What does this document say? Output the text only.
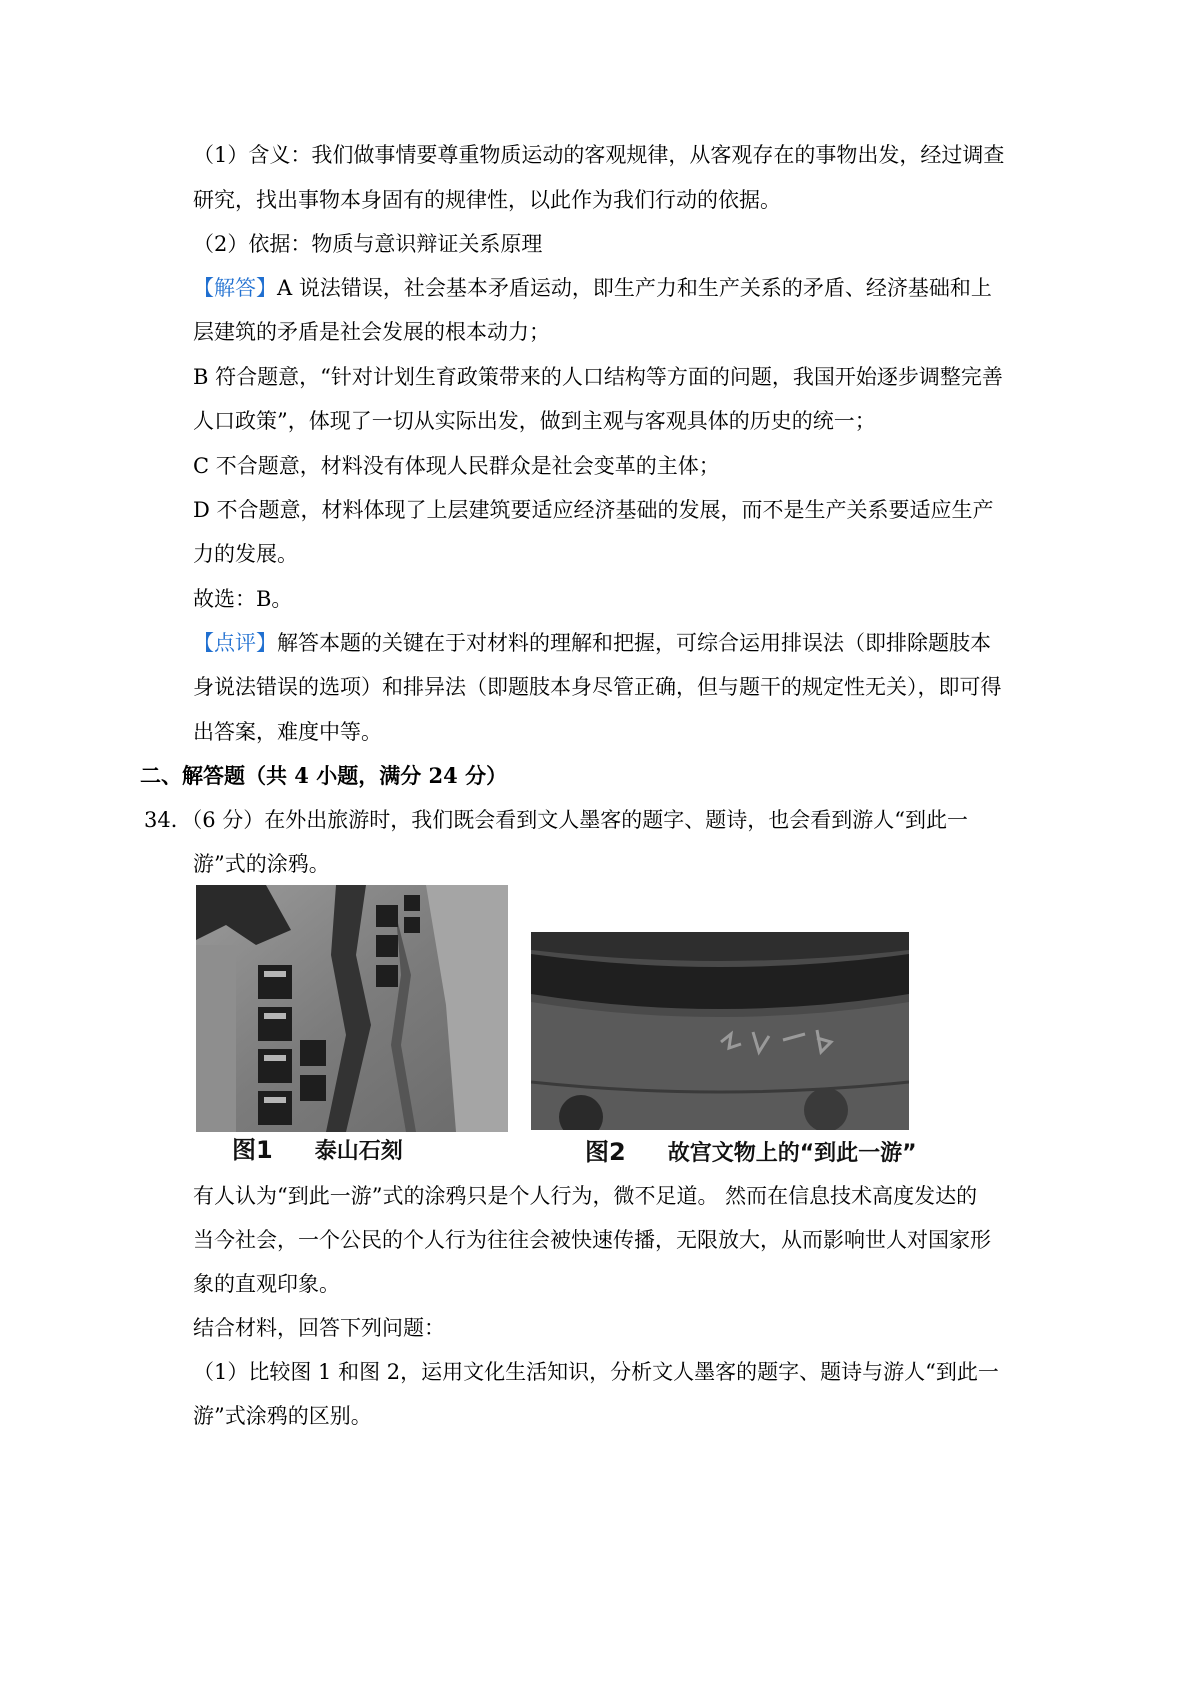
（1）含义：我们做事情要尊重物质运动的客观规律，从客观存在的事物出发，经过调查
研究，找出事物本身固有的规律性，以此作为我们行动的依据。
（2）依据：物质与意识辩证关系原理
【解答】A 说法错误，社会基本矛盾运动，即生产力和生产关系的矛盾、经济基础和上
层建筑的矛盾是社会发展的根本动力；
B 符合题意，“针对计划生育政策带来的人口结构等方面的问题，我国开始逐步调整完善
人口政策”，体现了一切从实际出发，做到主观与客观具体的历史的统一；
C 不合题意，材料没有体现人民群众是社会变革的主体；
D 不合题意，材料体现了上层建筑要适应经济基础的发展，而不是生产关系要适应生产
力的发展。
故选：B。
【点评】解答本题的关键在于对材料的理解和把握，可综合运用排误法（即排除题肢本
身说法错误的选项）和排异法（即题肢本身尽管正确，但与题干的规定性无关），即可得
出答案，难度中等。
二、解答题（共 4 小题，满分 24 分）
34．（6 分）在外出旅游时，我们既会看到文人墨客的题字、题诗，也会看到游人“到此一
游”式的涂鸦。
图1 泰山石刻	图2 故宫文物上的“到此一游”
有人认为“到此一游”式的涂鸦只是个人行为，微不足道。 然而在信息技术高度发达的
当今社会，一个公民的个人行为往往会被快速传播，无限放大，从而影响世人对国家形
象的直观印象。
结合材料，回答下列问题：
（1）比较图 1 和图 2，运用文化生活知识，分析文人墨客的题字、题诗与游人“到此一
游”式涂鸦的区别。
